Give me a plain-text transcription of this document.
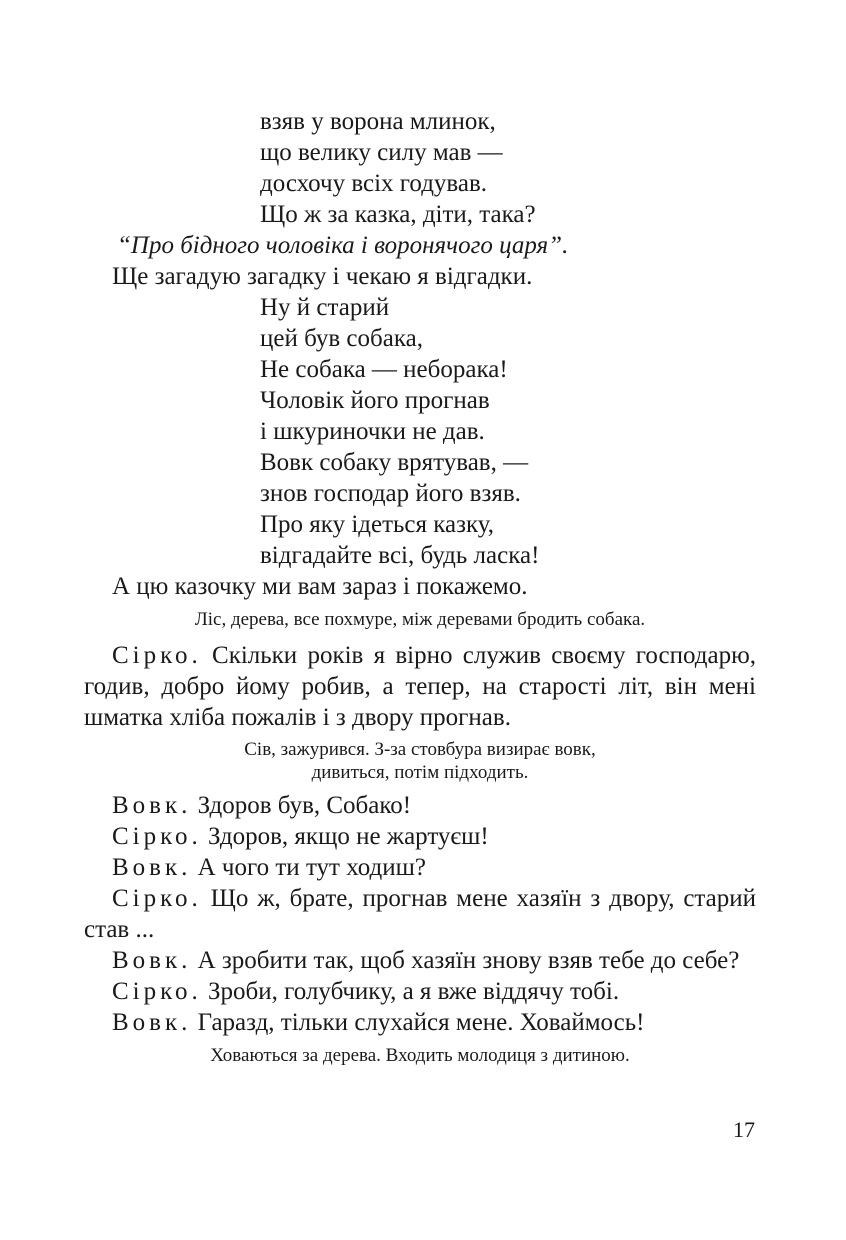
взяв у ворона млинок,
що велику силу мав —
досхочу всіх годував.
Що ж за казка, діти, така?
“Про бідного чоловіка і воронячого царя”.
Ще загадую загадку і чекаю я відгадки.
Ну й старий
цей був собака,
Не собака — неборака!
Чоловік його прогнав
і шкуриночки не дав.
Вовк собаку врятував, —
знов господар його взяв.
Про яку ідеться казку,
відгадайте всі, будь ласка!
А цю казочку ми вам зараз і покажемо.
Ліс, дерева, все похмуре, між деревами бродить собака.
Сірко. Скільки років я вірно служив своєму господарю,
годив, добро йому робив, а тепер, на старості літ, він мені
шматка хліба пожалів і з двору прогнав.
Сів, зажурився. З-за стовбура визирає вовк,
дивиться, потім підходить.
Вовк. Здоров був, Собако!
Сірко. Здоров, якщо не жартуєш!
Вовк. А чого ти тут ходиш?
Сірко. Що ж, брате, прогнав мене хазяїн з двору, старий
став ...
Вовк. А зробити так, щоб хазяїн знову взяв тебе до себе?
Сірко. Зроби, голубчику, а я вже віддячу тобі.
Вовк. Гаразд, тільки слухайся мене. Ховаймось!
Ховаються за дерева. Входить молодиця з дитиною.
17
